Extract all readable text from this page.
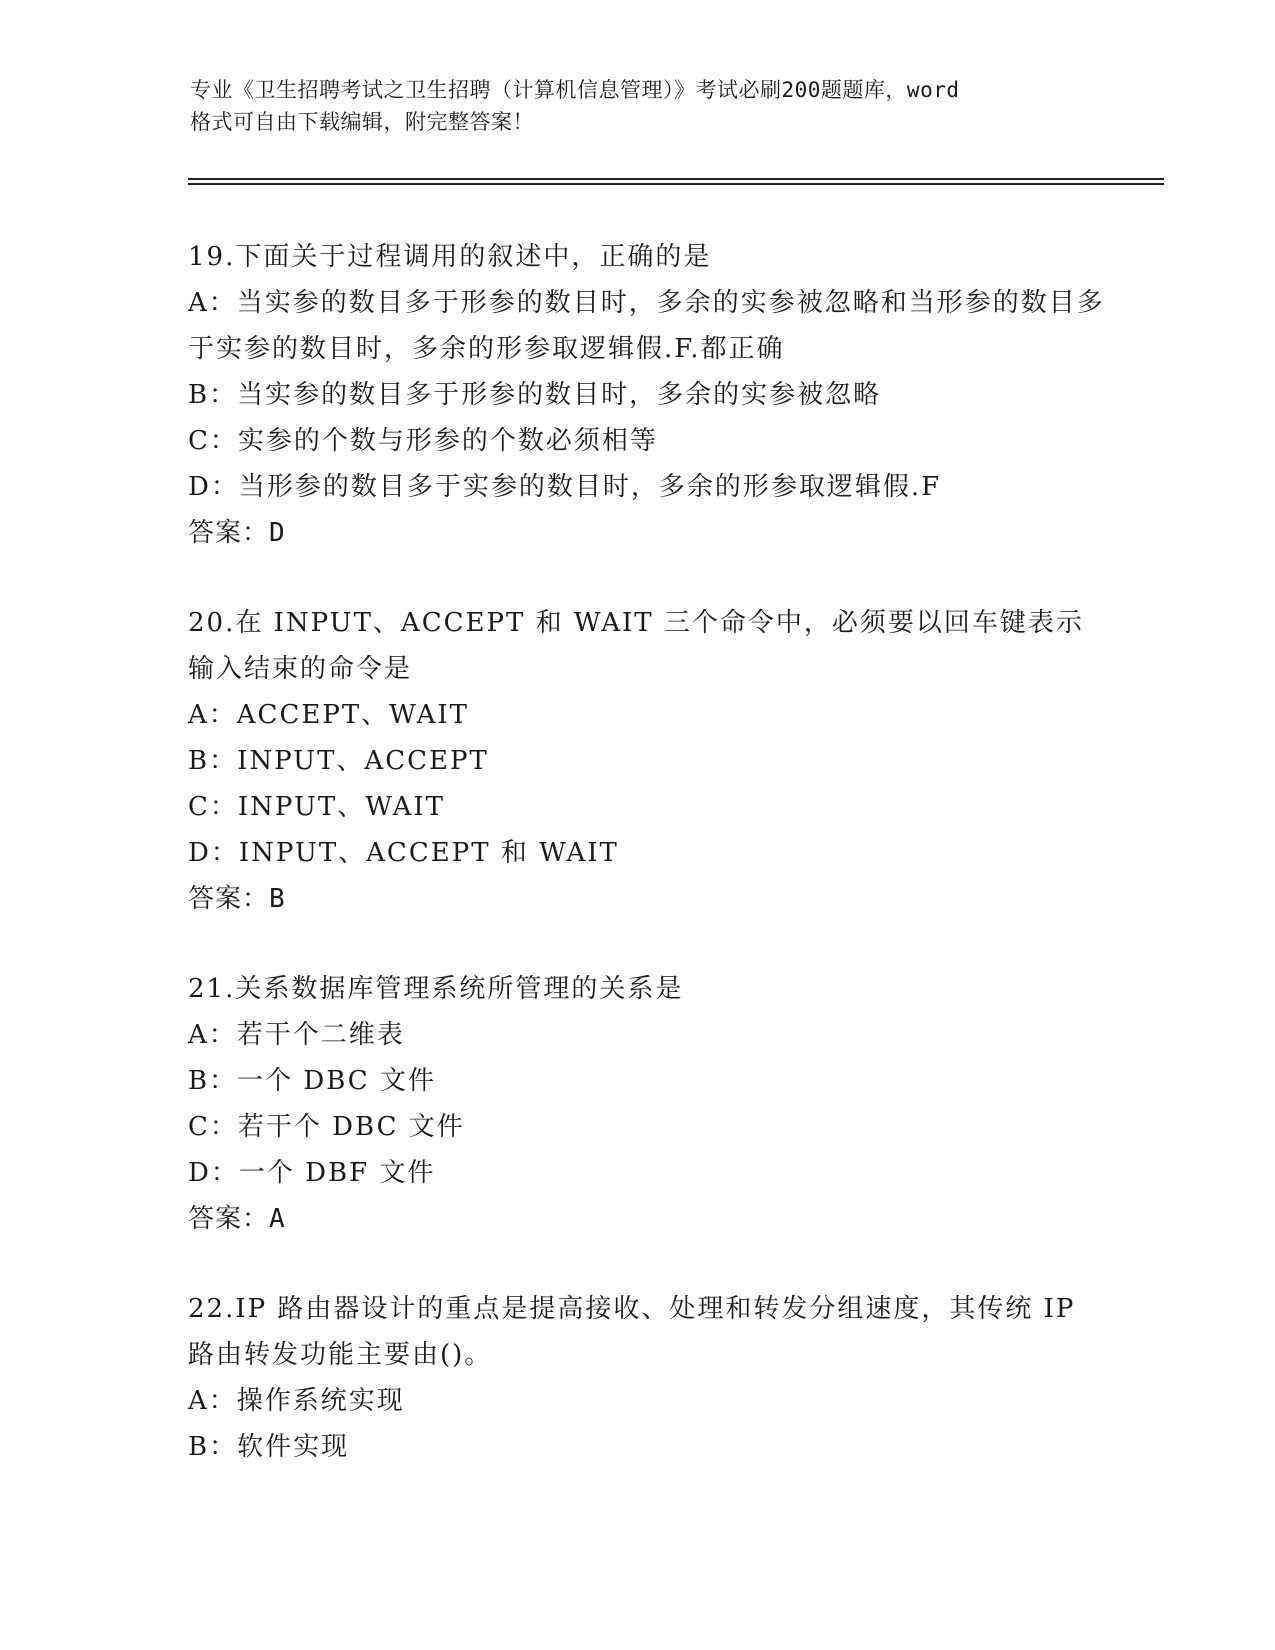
专业《卫生招聘考试之卫生招聘（计算机信息管理）》考试必刷200题题库，word
格式可自由下载编辑，附完整答案！

19.下面关于过程调用的叙述中，正确的是

A：当实参的数目多于形参的数目时，多余的实参被忽略和当形参的数目多于实参的数目时，多余的形参取逻辑假.F.都正确

B：当实参的数目多于形参的数目时，多余的实参被忽略

C：实参的个数与形参的个数必须相等

D：当形参的数目多于实参的数目时，多余的形参取逻辑假.F

答案：D

20.在 INPUT、ACCEPT 和 WAIT 三个命令中，必须要以回车键表示输入结束的命令是

A：ACCEPT、WAIT

B：INPUT、ACCEPT

C：INPUT、WAIT

D：INPUT、ACCEPT 和 WAIT

答案：B

21.关系数据库管理系统所管理的关系是

A：若干个二维表

B：一个 DBC 文件

C：若干个 DBC 文件

D：一个 DBF 文件

答案：A

22.IP 路由器设计的重点是提高接收、处理和转发分组速度，其传统 IP 路由转发功能主要由()。

A：操作系统实现

B：软件实现
